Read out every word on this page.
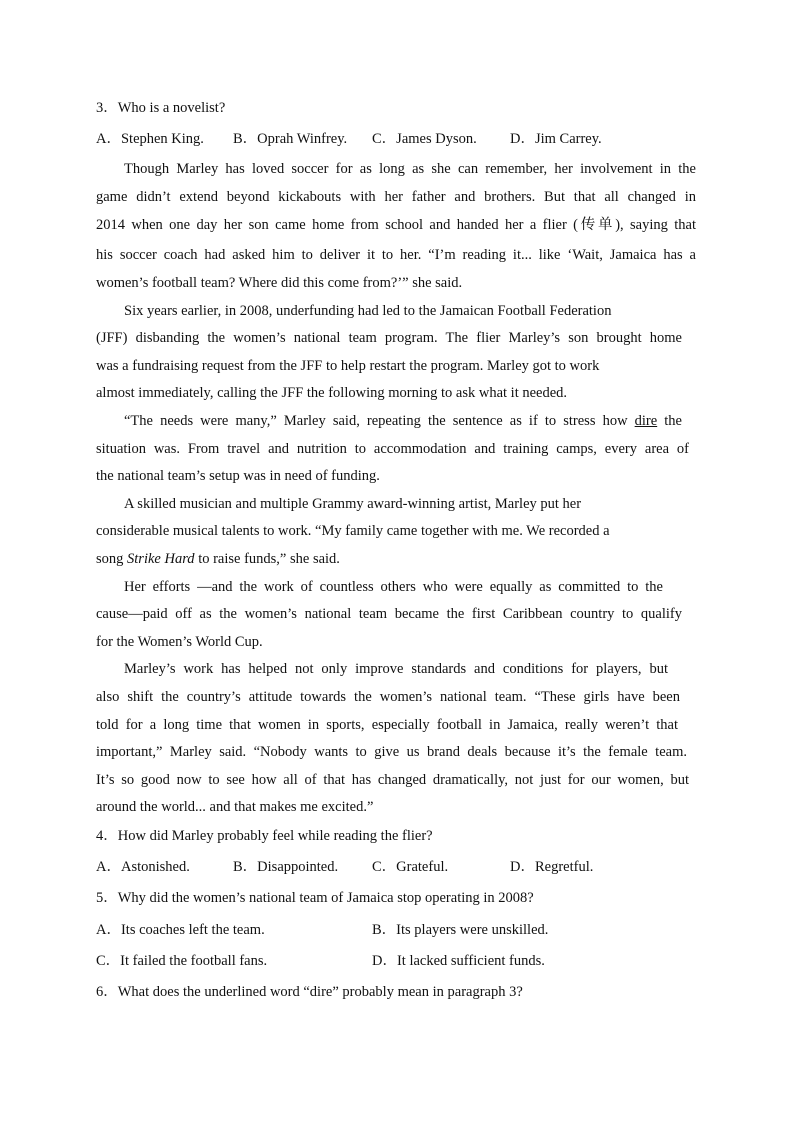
3．Who is a novelist?
A．Stephen King. B．Oprah Winfrey. C．James Dyson. D．Jim Carrey.
Though Marley has loved soccer for as long as she can remember, her involvement in the
game didn’t extend beyond kickabouts with her father and brothers. But that all changed in
2014 when one day her son came home from school and handed her a flier (传单), saying that
his soccer coach had asked him to deliver it to her. “I’m reading it... like ‘Wait, Jamaica has a
women’s football team? Where did this come from?’” she said.
Six years earlier, in 2008, underfunding had led to the Jamaican Football Federation
(JFF) disbanding the women’s national team program. The flier Marley’s son brought home
was a fundraising request from the JFF to help restart the program. Marley got to work
almost immediately, calling the JFF the following morning to ask what it needed.
“The needs were many,” Marley said, repeating the sentence as if to stress how dire the
situation was. From travel and nutrition to accommodation and training camps, every area of
the national team’s setup was in need of funding.
A skilled musician and multiple Grammy award-winning artist, Marley put her
considerable musical talents to work. “My family came together with me. We recorded a
song Strike Hard to raise funds,” she said.
Her efforts —and the work of countless others who were equally as committed to the
cause—paid off as the women’s national team became the first Caribbean country to qualify
for the Women’s World Cup.
Marley’s work has helped not only improve standards and conditions for players, but
also shift the country’s attitude towards the women’s national team. “These girls have been
told for a long time that women in sports, especially football in Jamaica, really weren’t that
important,” Marley said. “Nobody wants to give us brand deals because it’s the female team.
It’s so good now to see how all of that has changed dramatically, not just for our women, but
around the world... and that makes me excited.”
4．How did Marley probably feel while reading the flier?
A．Astonished.	B．Disappointed. C．Grateful.	D．Regretful.
5．Why did the women’s national team of Jamaica stop operating in 2008?
A．Its coaches left the team.	B．Its players were unskilled.
C．It failed the football fans.	D．It lacked sufficient funds.
6．What does the underlined word “dire” probably mean in paragraph 3?
